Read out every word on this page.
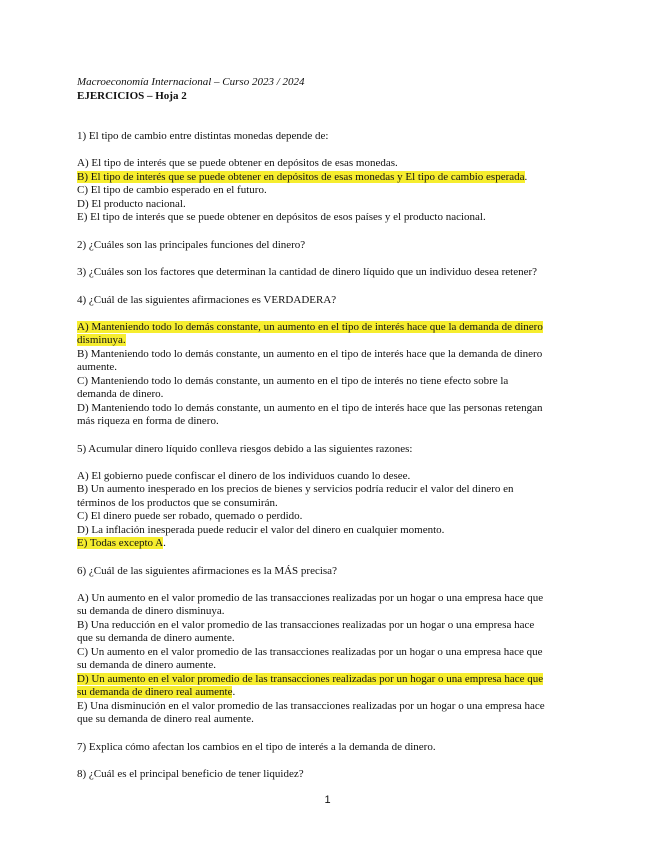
Macroeconomía Internacional – Curso 2023 / 2024
EJERCICIOS – Hoja 2
1) El tipo de cambio entre distintas monedas depende de:
A) El tipo de interés que se puede obtener en depósitos de esas monedas.
B) El tipo de interés que se puede obtener en depósitos de esas monedas y El tipo de cambio esperada.
C) El tipo de cambio esperado en el futuro.
D) El producto nacional.
E) El tipo de interés que se puede obtener en depósitos de esos países y el producto nacional.
2) ¿Cuáles son las principales funciones del dinero?
3) ¿Cuáles son los factores que determinan la cantidad de dinero líquido que un individuo desea retener?
4) ¿Cuál de las siguientes afirmaciones es VERDADERA?
A) Manteniendo todo lo demás constante, un aumento en el tipo de interés hace que la demanda de dinero
disminuya.
B) Manteniendo todo lo demás constante, un aumento en el tipo de interés hace que la demanda de dinero
aumente.
C) Manteniendo todo lo demás constante, un aumento en el tipo de interés no tiene efecto sobre la
demanda de dinero.
D) Manteniendo todo lo demás constante, un aumento en el tipo de interés hace que las personas retengan
más riqueza en forma de dinero.
5) Acumular dinero líquido conlleva riesgos debido a las siguientes razones:
A) El gobierno puede confiscar el dinero de los individuos cuando lo desee.
B) Un aumento inesperado en los precios de bienes y servicios podría reducir el valor del dinero en
términos de los productos que se consumirán.
C) El dinero puede ser robado, quemado o perdido.
D) La inflación inesperada puede reducir el valor del dinero en cualquier momento.
E) Todas excepto A.
6) ¿Cuál de las siguientes afirmaciones es la MÁS precisa?
A) Un aumento en el valor promedio de las transacciones realizadas por un hogar o una empresa hace que
su demanda de dinero disminuya.
B) Una reducción en el valor promedio de las transacciones realizadas por un hogar o una empresa hace
que su demanda de dinero aumente.
C) Un aumento en el valor promedio de las transacciones realizadas por un hogar o una empresa hace que
su demanda de dinero aumente.
D) Un aumento en el valor promedio de las transacciones realizadas por un hogar o una empresa hace que
su demanda de dinero real aumente.
E) Una disminución en el valor promedio de las transacciones realizadas por un hogar o una empresa hace
que su demanda de dinero real aumente.
7) Explica cómo afectan los cambios en el tipo de interés a la demanda de dinero.
8) ¿Cuál es el principal beneficio de tener liquidez?
1
